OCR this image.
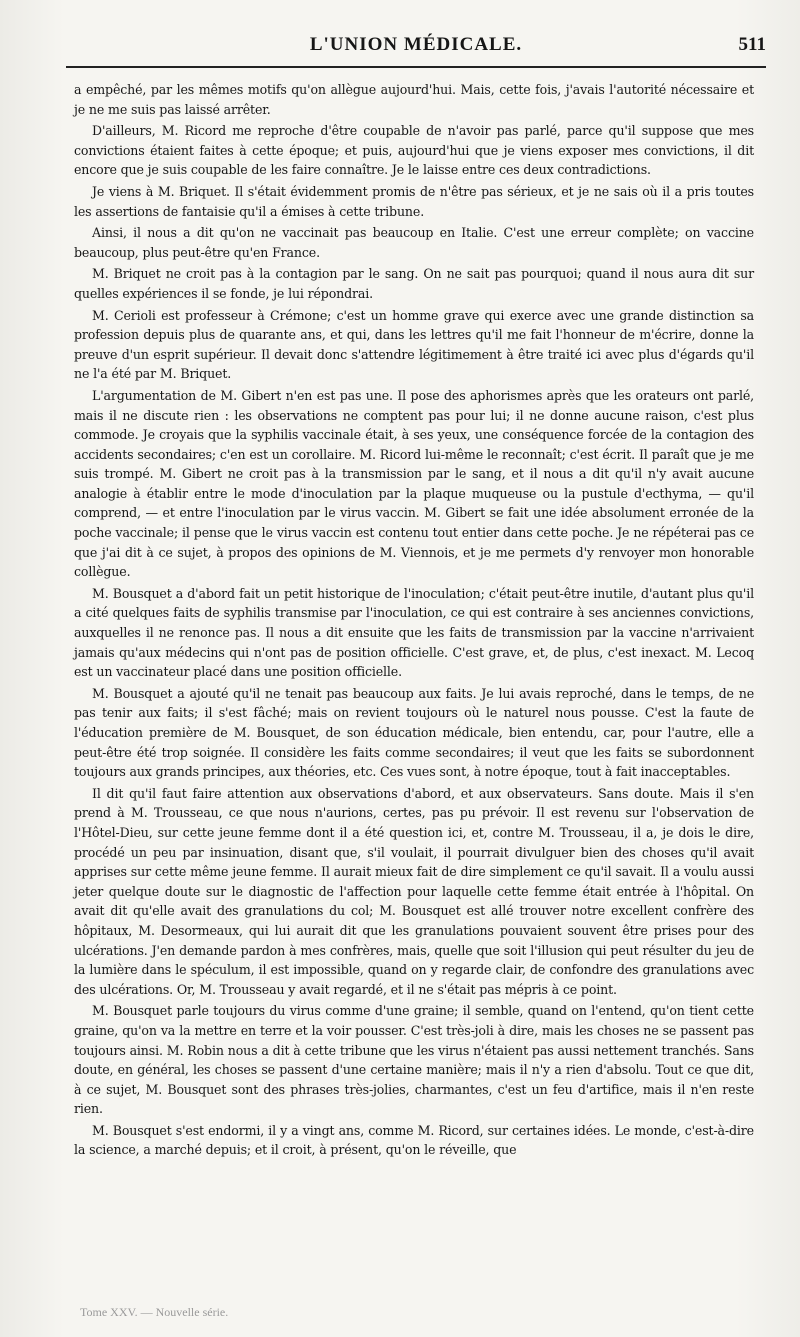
L'UNION MÉDICALE.	511

a empêché, par les mêmes motifs qu'on allègue aujourd'hui. Mais, cette fois, j'avais l'autorité nécessaire et je ne me suis pas laissé arrêter.

D'ailleurs, M. Ricord me reproche d'être coupable de n'avoir pas parlé, parce qu'il suppose que mes convictions étaient faites à cette époque; et puis, aujourd'hui que je viens exposer mes convictions, il dit encore que je suis coupable de les faire connaître. Je le laisse entre ces deux contradictions.

Je viens à M. Briquet. Il s'était évidemment promis de n'être pas sérieux, et je ne sais où il a pris toutes les assertions de fantaisie qu'il a émises à cette tribune.

Ainsi, il nous a dit qu'on ne vaccinait pas beaucoup en Italie. C'est une erreur complète; on vaccine beaucoup, plus peut-être qu'en France.

M. Briquet ne croit pas à la contagion par le sang. On ne sait pas pourquoi; quand il nous aura dit sur quelles expériences il se fonde, je lui répondrai.

M. Cerioli est professeur à Crémone; c'est un homme grave qui exerce avec une grande distinction sa profession depuis plus de quarante ans, et qui, dans les lettres qu'il me fait l'honneur de m'écrire, donne la preuve d'un esprit supérieur. Il devait donc s'attendre légitimement à être traité ici avec plus d'égards qu'il ne l'a été par M. Briquet.

L'argumentation de M. Gibert n'en est pas une. Il pose des aphorismes après que les orateurs ont parlé, mais il ne discute rien : les observations ne comptent pas pour lui; il ne donne aucune raison, c'est plus commode. Je croyais que la syphilis vaccinale était, à ses yeux, une conséquence forcée de la contagion des accidents secondaires; c'en est un corollaire. M. Ricord lui-même le reconnaît; c'est écrit. Il paraît que je me suis trompé. M. Gibert ne croit pas à la transmission par le sang, et il nous a dit qu'il n'y avait aucune analogie à établir entre le mode d'inoculation par la plaque muqueuse ou la pustule d'ecthyma, — qu'il comprend, — et entre l'inoculation par le virus vaccin. M. Gibert se fait une idée absolument erronée de la poche vaccinale; il pense que le virus vaccin est contenu tout entier dans cette poche. Je ne répéterai pas ce que j'ai dit à ce sujet, à propos des opinions de M. Viennois, et je me permets d'y renvoyer mon honorable collègue.

M. Bousquet a d'abord fait un petit historique de l'inoculation; c'était peut-être inutile, d'autant plus qu'il a cité quelques faits de syphilis transmise par l'inoculation, ce qui est contraire à ses anciennes convictions, auxquelles il ne renonce pas. Il nous a dit ensuite que les faits de transmission par la vaccine n'arrivaient jamais qu'aux médecins qui n'ont pas de position officielle. C'est grave, et, de plus, c'est inexact. M. Lecoq est un vaccinateur placé dans une position officielle.

M. Bousquet a ajouté qu'il ne tenait pas beaucoup aux faits. Je lui avais reproché, dans le temps, de ne pas tenir aux faits; il s'est fâché; mais on revient toujours où le naturel nous pousse. C'est la faute de l'éducation première de M. Bousquet, de son éducation médicale, bien entendu, car, pour l'autre, elle a peut-être été trop soignée. Il considère les faits comme secondaires; il veut que les faits se subordonnent toujours aux grands principes, aux théories, etc. Ces vues sont, à notre époque, tout à fait inacceptables.

Il dit qu'il faut faire attention aux observations d'abord, et aux observateurs. Sans doute. Mais il s'en prend à M. Trousseau, ce que nous n'aurions, certes, pas pu prévoir. Il est revenu sur l'observation de l'Hôtel-Dieu, sur cette jeune femme dont il a été question ici, et, contre M. Trousseau, il a, je dois le dire, procédé un peu par insinuation, disant que, s'il voulait, il pourrait divulguer bien des choses qu'il avait apprises sur cette même jeune femme. Il aurait mieux fait de dire simplement ce qu'il savait. Il a voulu aussi jeter quelque doute sur le diagnostic de l'affection pour laquelle cette femme était entrée à l'hôpital. On avait dit qu'elle avait des granulations du col; M. Bousquet est allé trouver notre excellent confrère des hôpitaux, M. Desormeaux, qui lui aurait dit que les granulations pouvaient souvent être prises pour des ulcérations. J'en demande pardon à mes confrères, mais, quelle que soit l'illusion qui peut résulter du jeu de la lumière dans le spéculum, il est impossible, quand on y regarde clair, de confondre des granulations avec des ulcérations. Or, M. Trousseau y avait regardé, et il ne s'était pas mépris à ce point.

M. Bousquet parle toujours du virus comme d'une graine; il semble, quand on l'entend, qu'on tient cette graine, qu'on va la mettre en terre et la voir pousser. C'est très-joli à dire, mais les choses ne se passent pas toujours ainsi. M. Robin nous a dit à cette tribune que les virus n'étaient pas aussi nettement tranchés. Sans doute, en général, les choses se passent d'une certaine manière; mais il n'y a rien d'absolu. Tout ce que dit, à ce sujet, M. Bousquet sont des phrases très-jolies, charmantes, c'est un feu d'artifice, mais il n'en reste rien.

M. Bousquet s'est endormi, il y a vingt ans, comme M. Ricord, sur certaines idées. Le monde, c'est-à-dire la science, a marché depuis; et il croit, à présent, qu'on le réveille, que

Tome XXV. — Nouvelle série.
